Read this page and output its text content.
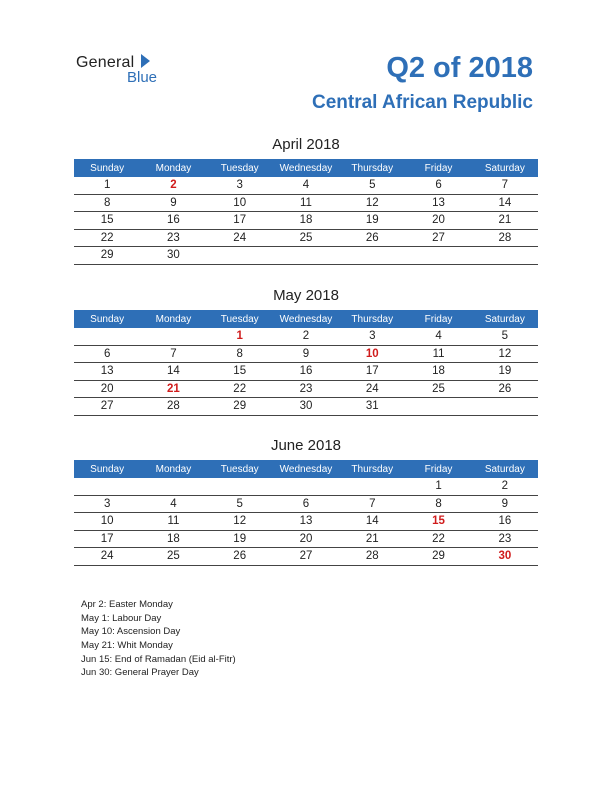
General
Blue	Q2 of 2018
Central African Republic
April 2018
Sunday	Monday	Tuesday	Wednesday	Thursday	Friday	Saturday
1	2	3	4	5	6	7
8	9	10	11	12	13	14
15	16	17	18	19	20	21
22	23	24	25	26	27	28
29	30					
May 2018
Sunday	Monday	Tuesday	Wednesday	Thursday	Friday	Saturday
		1	2	3	4	5
6	7	8	9	10	11	12
13	14	15	16	17	18	19
20	21	22	23	24	25	26
27	28	29	30	31		
June 2018
Sunday	Monday	Tuesday	Wednesday	Thursday	Friday	Saturday
					1	2
3	4	5	6	7	8	9
10	11	12	13	14	15	16
17	18	19	20	21	22	23
24	25	26	27	28	29	30
Apr 2: Easter Monday
May 1: Labour Day
May 10: Ascension Day
May 21: Whit Monday
Jun 15: End of Ramadan (Eid al-Fitr)
Jun 30: General Prayer Day
